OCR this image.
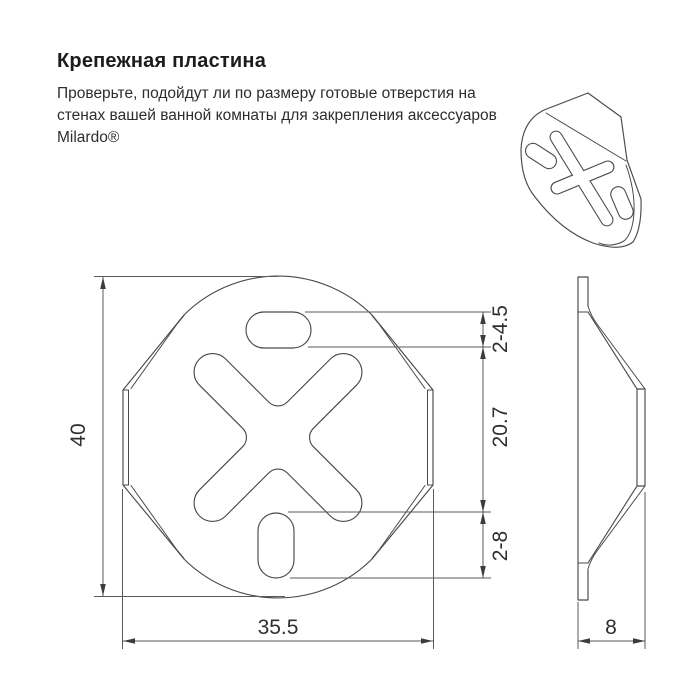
Крепежная пластина

Проверьте, подойдут ли по размеру готовые отверстия на стенах вашей ванной комнаты для закрепления аксессуаров Milardo®

40
35.5
2-4.5
20.7
2-8
8
